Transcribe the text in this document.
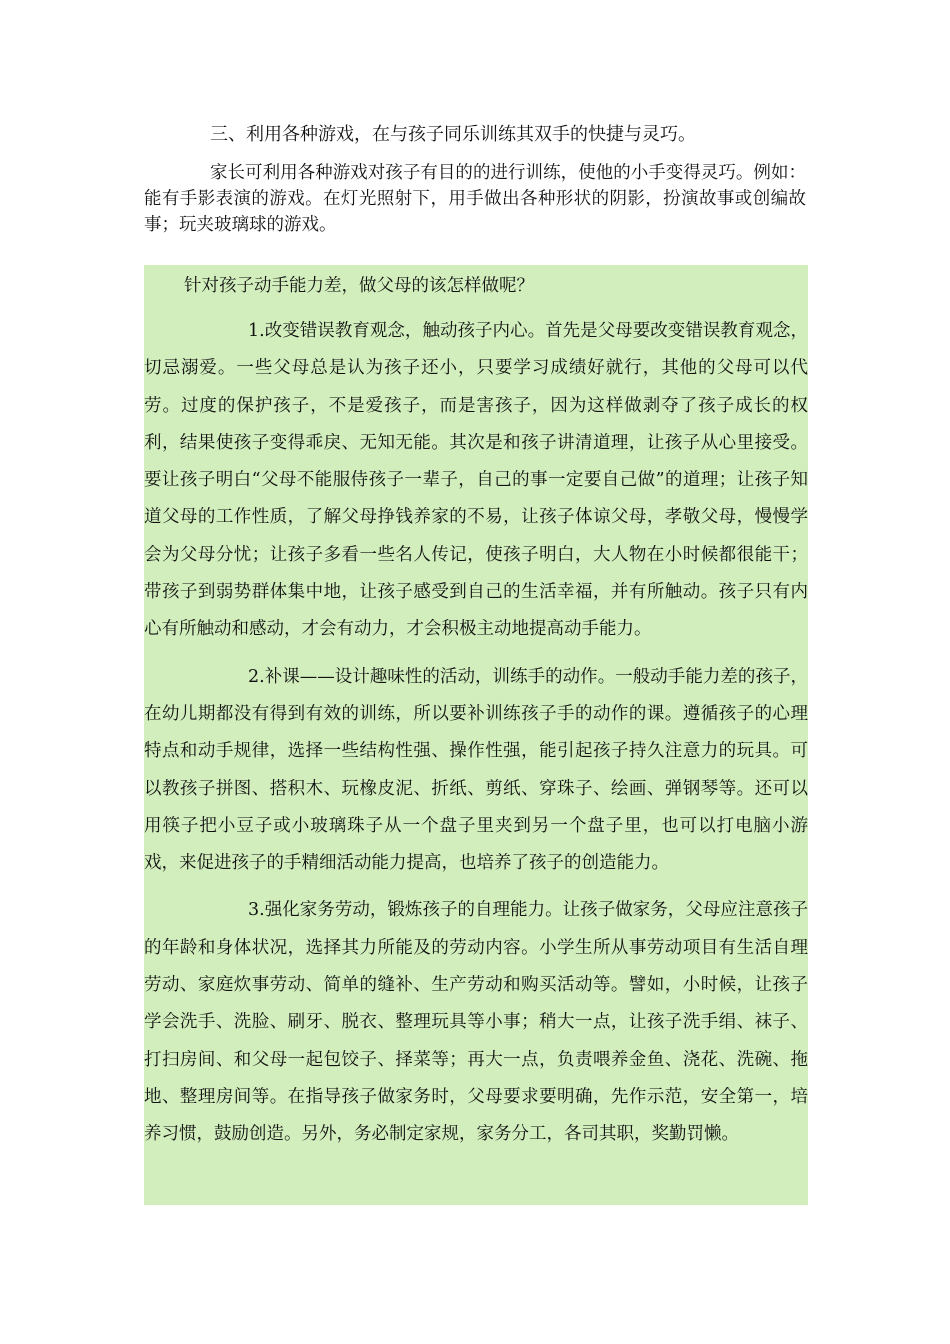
三、利用各种游戏，在与孩子同乐训练其双手的快捷与灵巧。

家长可利用各种游戏对孩子有目的的进行训练，使他的小手变得灵巧。例如：能有手影表演的游戏。在灯光照射下，用手做出各种形状的阴影，扮演故事或创编故事；玩夹玻璃球的游戏。

针对孩子动手能力差，做父母的该怎样做呢？

1.改变错误教育观念，触动孩子内心。首先是父母要改变错误教育观念，切忌溺爱。一些父母总是认为孩子还小，只要学习成绩好就行，其他的父母可以代劳。过度的保护孩子，不是爱孩子，而是害孩子，因为这样做剥夺了孩子成长的权利，结果使孩子变得乖戾、无知无能。其次是和孩子讲清道理，让孩子从心里接受。要让孩子明白“父母不能服侍孩子一辈子，自己的事一定要自己做”的道理；让孩子知道父母的工作性质，了解父母挣钱养家的不易，让孩子体谅父母，孝敬父母，慢慢学会为父母分忧；让孩子多看一些名人传记，使孩子明白，大人物在小时候都很能干；带孩子到弱势群体集中地，让孩子感受到自己的生活幸福，并有所触动。孩子只有内心有所触动和感动，才会有动力，才会积极主动地提高动手能力。

2.补课——设计趣味性的活动，训练手的动作。一般动手能力差的孩子，在幼儿期都没有得到有效的训练，所以要补训练孩子手的动作的课。遵循孩子的心理特点和动手规律，选择一些结构性强、操作性强，能引起孩子持久注意力的玩具。可以教孩子拼图、搭积木、玩橡皮泥、折纸、剪纸、穿珠子、绘画、弹钢琴等。还可以用筷子把小豆子或小玻璃珠子从一个盘子里夹到另一个盘子里，也可以打电脑小游戏，来促进孩子的手精细活动能力提高，也培养了孩子的创造能力。

3.强化家务劳动，锻炼孩子的自理能力。让孩子做家务，父母应注意孩子的年龄和身体状况，选择其力所能及的劳动内容。小学生所从事劳动项目有生活自理劳动、家庭炊事劳动、简单的缝补、生产劳动和购买活动等。譬如，小时候，让孩子学会洗手、洗脸、刷牙、脱衣、整理玩具等小事；稍大一点，让孩子洗手绢、袜子、打扫房间、和父母一起包饺子、择菜等；再大一点，负责喂养金鱼、浇花、洗碗、拖地、整理房间等。在指导孩子做家务时，父母要求要明确，先作示范，安全第一，培养习惯，鼓励创造。另外，务必制定家规，家务分工，各司其职，奖勤罚懒。
